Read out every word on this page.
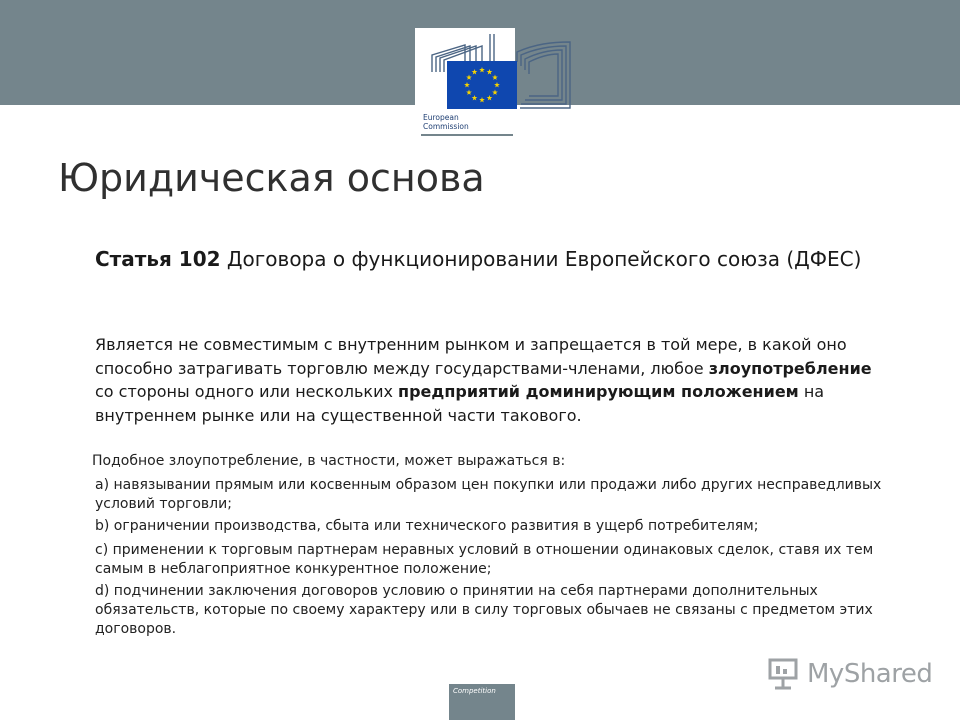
European
Commission
Юридическая основа

Статья 102 Договора о функционировании Европейского союза (ДФЕС)

Является не совместимым с внутренним рынком и запрещается в той мере, в какой оно способно затрагивать торговлю между государствами-членами, любое злоупотребление со стороны одного или нескольких предприятий доминирующим положением на внутреннем рынке или на существенной части такового.

Подобное злоупотребление, в частности, может выражаться в:

a) навязывании прямым или косвенным образом цен покупки или продажи либо других несправедливых условий торговли;

b) ограничении производства, сбыта или технического развития в ущерб потребителям;

c) применении к торговым партнерам неравных условий в отношении одинаковых сделок, ставя их тем самым в неблагоприятное конкурентное положение;

d) подчинении заключения договоров условию о принятии на себя партнерами дополнительных обязательств, которые по своему характеру или в силу торговых обычаев не связаны с предметом этих договоров.

Competition
MyShared
